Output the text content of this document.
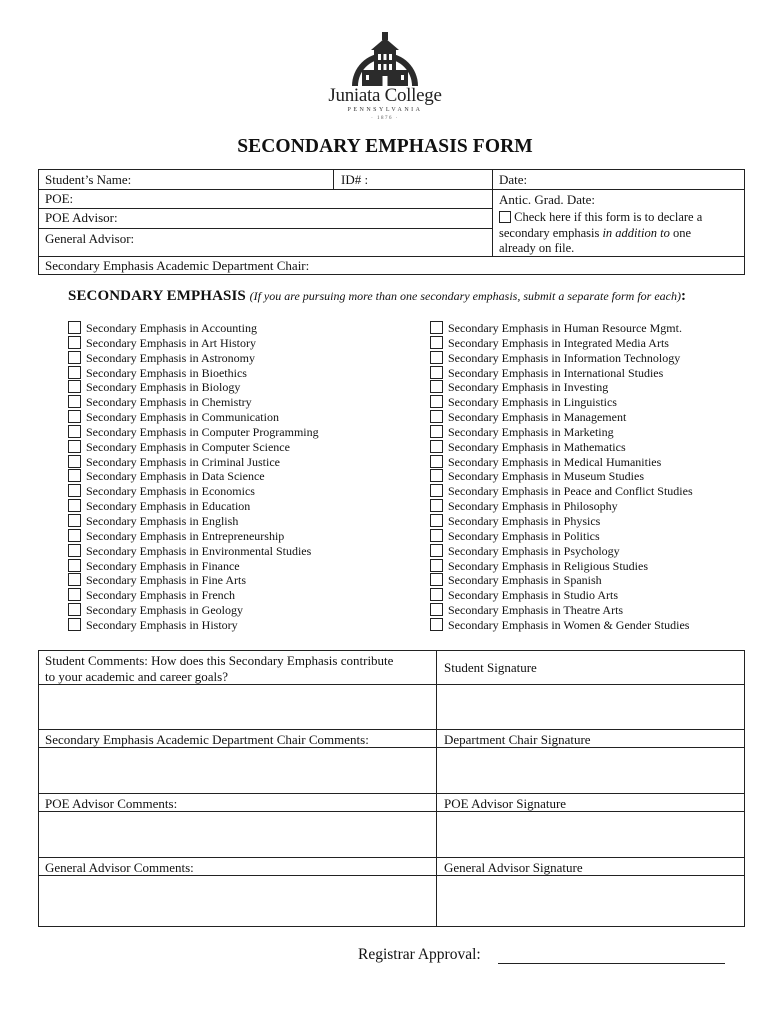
Juniata College
PENNSYLVANIA
· 1876 ·
SECONDARY EMPHASIS FORM
Student’s Name:	ID# :	Date:
POE:	Antic. Grad. Date:
POE Advisor:
General Advisor:
Check here if this form is to declare a
secondary emphasis in addition to one
already on file.
Secondary Emphasis Academic Department Chair:
SECONDARY EMPHASIS (If you are pursuing more than one secondary emphasis, submit a separate form for each):
Secondary Emphasis in Accounting
Secondary Emphasis in Art History
Secondary Emphasis in Astronomy
Secondary Emphasis in Bioethics
Secondary Emphasis in Biology
Secondary Emphasis in Chemistry
Secondary Emphasis in Communication
Secondary Emphasis in Computer Programming
Secondary Emphasis in Computer Science
Secondary Emphasis in Criminal Justice
Secondary Emphasis in Data Science
Secondary Emphasis in Economics
Secondary Emphasis in Education
Secondary Emphasis in English
Secondary Emphasis in Entrepreneurship
Secondary Emphasis in Environmental Studies
Secondary Emphasis in Finance
Secondary Emphasis in Fine Arts
Secondary Emphasis in French
Secondary Emphasis in Geology
Secondary Emphasis in History
Secondary Emphasis in Human Resource Mgmt.
Secondary Emphasis in Integrated Media Arts
Secondary Emphasis in Information Technology
Secondary Emphasis in International Studies
Secondary Emphasis in Investing
Secondary Emphasis in Linguistics
Secondary Emphasis in Management
Secondary Emphasis in Marketing
Secondary Emphasis in Mathematics
Secondary Emphasis in Medical Humanities
Secondary Emphasis in Museum Studies
Secondary Emphasis in Peace and Conflict Studies
Secondary Emphasis in Philosophy
Secondary Emphasis in Physics
Secondary Emphasis in Politics
Secondary Emphasis in Psychology
Secondary Emphasis in Religious Studies
Secondary Emphasis in Spanish
Secondary Emphasis in Studio Arts
Secondary Emphasis in Theatre Arts
Secondary Emphasis in Women & Gender Studies
Student Comments: How does this Secondary Emphasis contribute
to your academic and career goals?
Student Signature
Secondary Emphasis Academic Department Chair Comments:	Department Chair Signature
POE Advisor Comments:	POE Advisor Signature
General Advisor Comments:	General Advisor Signature
Registrar Approval:
